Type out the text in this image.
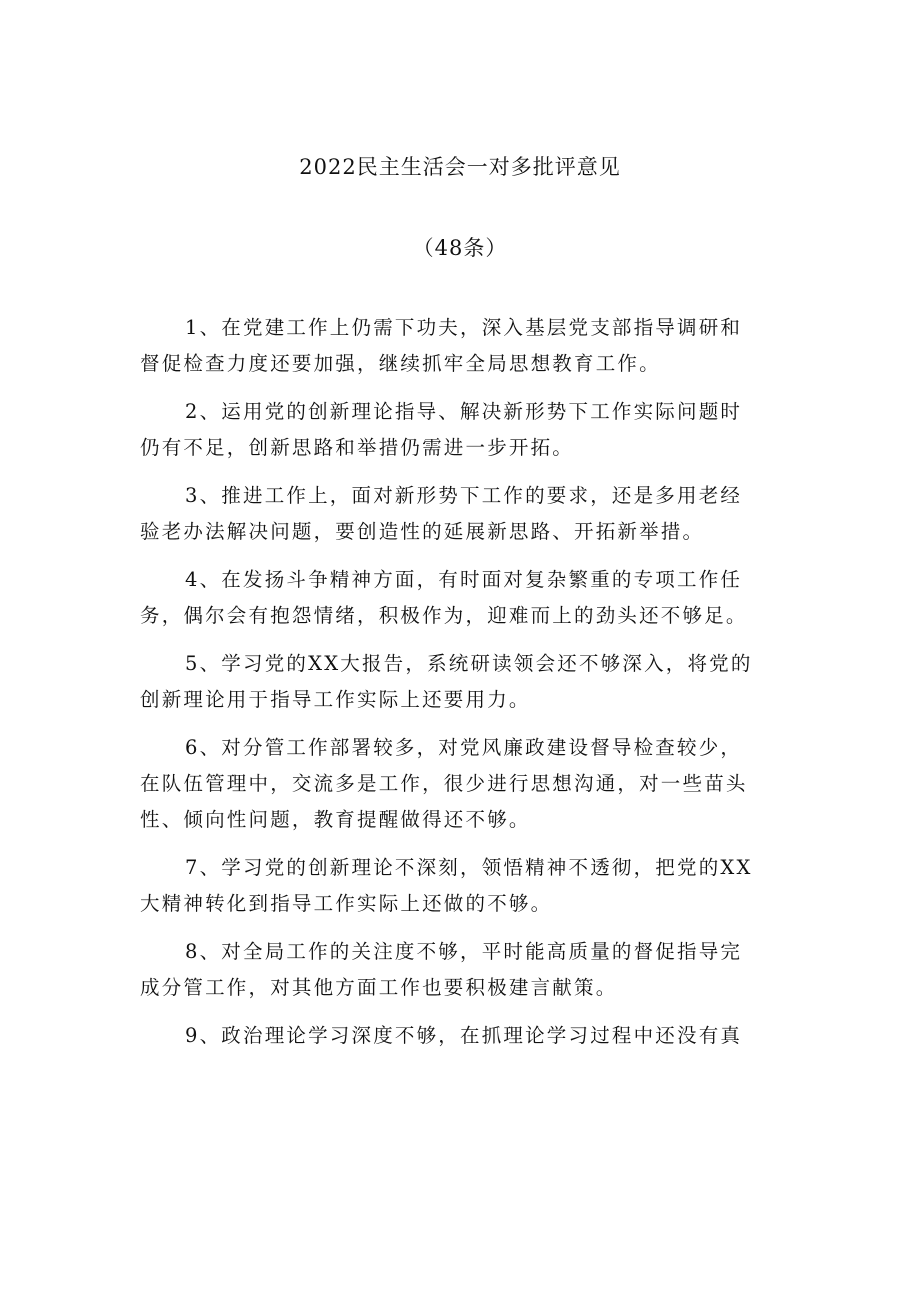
2022民主生活会一对多批评意见
（48条）

1、在党建工作上仍需下功夫，深入基层党支部指导调研和
督促检查力度还要加强，继续抓牢全局思想教育工作。

2、运用党的创新理论指导、解决新形势下工作实际问题时
仍有不足，创新思路和举措仍需进一步开拓。

3、推进工作上，面对新形势下工作的要求，还是多用老经
验老办法解决问题，要创造性的延展新思路、开拓新举措。

4、在发扬斗争精神方面，有时面对复杂繁重的专项工作任
务，偶尔会有抱怨情绪，积极作为，迎难而上的劲头还不够足。

5、学习党的XX大报告，系统研读领会还不够深入，将党的
创新理论用于指导工作实际上还要用力。

6、对分管工作部署较多，对党风廉政建设督导检查较少，
在队伍管理中，交流多是工作，很少进行思想沟通，对一些苗头
性、倾向性问题，教育提醒做得还不够。

7、学习党的创新理论不深刻，领悟精神不透彻，把党的XX
大精神转化到指导工作实际上还做的不够。

8、对全局工作的关注度不够，平时能高质量的督促指导完
成分管工作，对其他方面工作也要积极建言献策。

9、政治理论学习深度不够，在抓理论学习过程中还没有真
